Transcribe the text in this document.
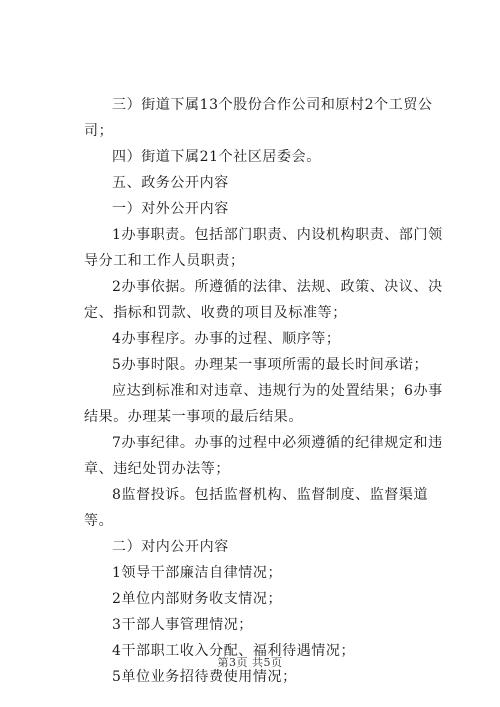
三）街道下属13个股份合作公司和原村2个工贸公司；

四）街道下属21个社区居委会。

五、政务公开内容

一）对外公开内容

1办事职责。包括部门职责、内设机构职责、部门领导分工和工作人员职责；

2办事依据。所遵循的法律、法规、政策、决议、决定、指标和罚款、收费的项目及标准等；

4办事程序。办事的过程、顺序等；

5办事时限。办理某一事项所需的最长时间承诺；

应达到标准和对违章、违规行为的处置结果；6办事结果。办理某一事项的最后结果。

7办事纪律。办事的过程中必须遵循的纪律规定和违章、违纪处罚办法等；

8监督投诉。包括监督机构、监督制度、监督渠道等。

二）对内公开内容

1领导干部廉洁自律情况；

2单位内部财务收支情况；

3干部人事管理情况；

4干部职工收入分配、福利待遇情况；

5单位业务招待费使用情况；

第3页 共5页
